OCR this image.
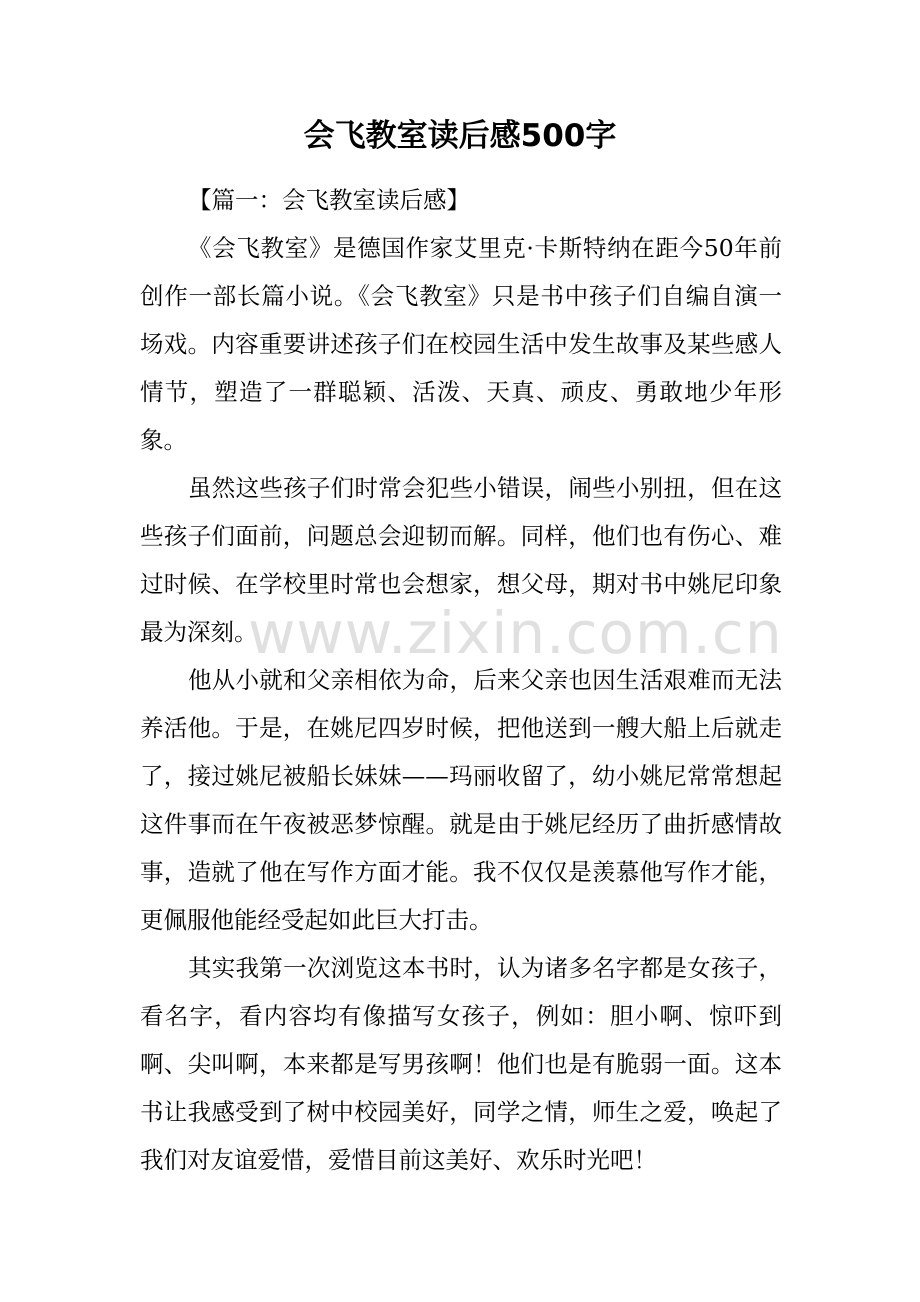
会飞教室读后感500字

【篇一：会飞教室读后感】

《会飞教室》是德国作家艾里克·卡斯特纳在距今50年前创作一部长篇小说。《会飞教室》只是书中孩子们自编自演一场戏。内容重要讲述孩子们在校园生活中发生故事及某些感人情节，塑造了一群聪颖、活泼、天真、顽皮、勇敢地少年形象。

虽然这些孩子们时常会犯些小错误，闹些小别扭，但在这些孩子们面前，问题总会迎韧而解。同样，他们也有伤心、难过时候、在学校里时常也会想家，想父母，期对书中姚尼印象最为深刻。

他从小就和父亲相依为命，后来父亲也因生活艰难而无法养活他。于是，在姚尼四岁时候，把他送到一艘大船上后就走了，接过姚尼被船长妹妹——玛丽收留了，幼小姚尼常常想起这件事而在午夜被恶梦惊醒。就是由于姚尼经历了曲折感情故事，造就了他在写作方面才能。我不仅仅是羡慕他写作才能，更佩服他能经受起如此巨大打击。

其实我第一次浏览这本书时，认为诸多名字都是女孩子，看名字，看内容均有像描写女孩子，例如：胆小啊、惊吓到啊、尖叫啊，本来都是写男孩啊！他们也是有脆弱一面。这本书让我感受到了树中校园美好，同学之情，师生之爱，唤起了我们对友谊爱惜，爱惜目前这美好、欢乐时光吧！

www.zixin.com.cn
